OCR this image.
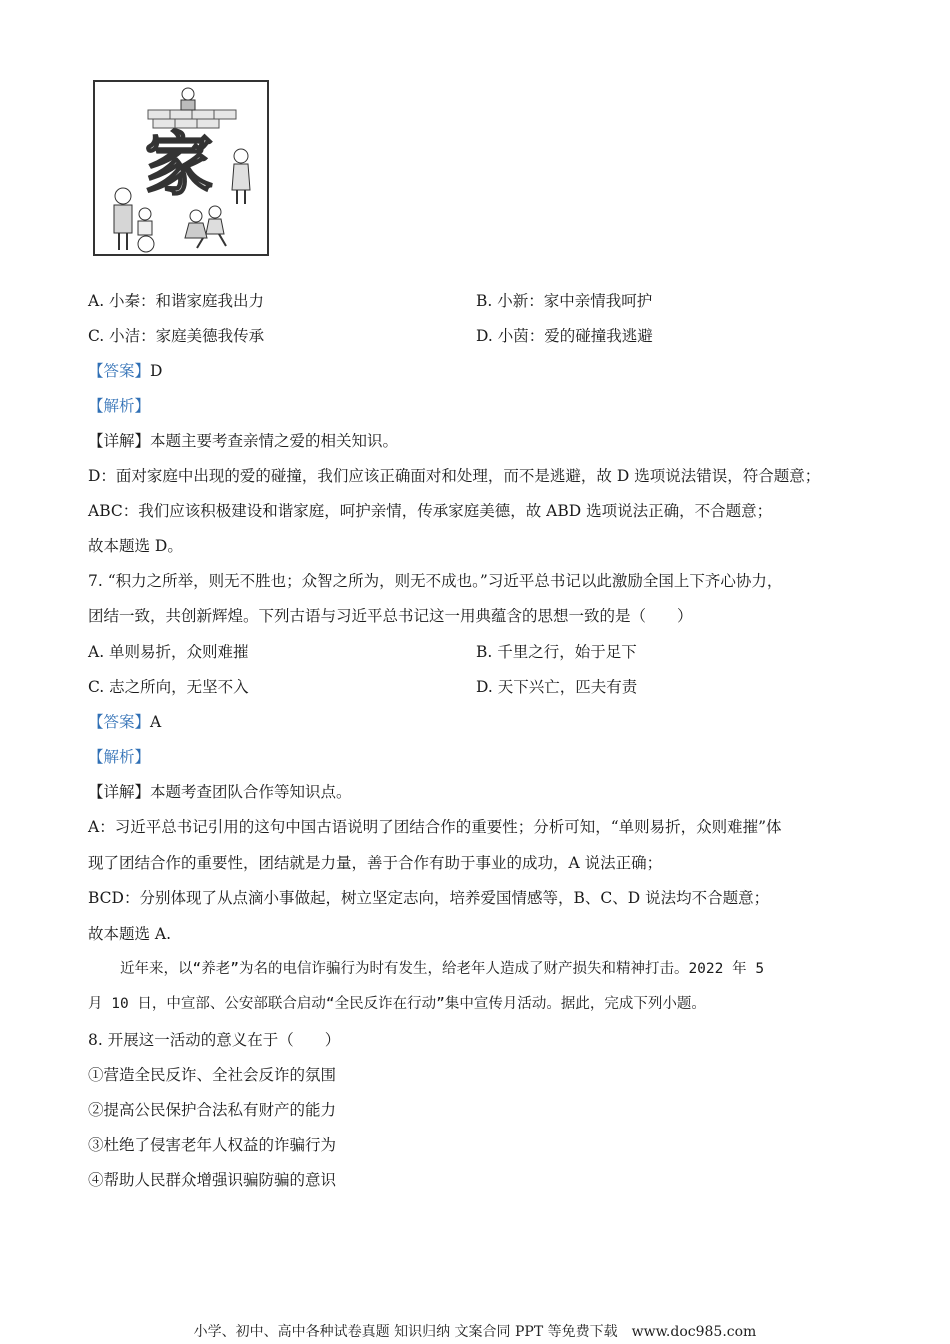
家
A. 小秦：和谐家庭我出力	B. 小新：家中亲情我呵护
C. 小洁：家庭美德我传承	D. 小茵：爱的碰撞我逃避
【答案】D
【解析】
【详解】本题主要考查亲情之爱的相关知识。
D：面对家庭中出现的爱的碰撞，我们应该正确面对和处理，而不是逃避，故 D 选项说法错误，符合题意；
ABC：我们应该积极建设和谐家庭，呵护亲情，传承家庭美德，故 ABD 选项说法正确，不合题意；
故本题选 D。
7. “积力之所举，则无不胜也；众智之所为，则无不成也。”习近平总书记以此激励全国上下齐心协力，
团结一致，共创新辉煌。下列古语与习近平总书记这一用典蕴含的思想一致的是（　　）
A. 单则易折，众则难摧	B. 千里之行，始于足下
C. 志之所向，无坚不入	D. 天下兴亡，匹夫有责
【答案】A
【解析】
【详解】本题考查团队合作等知识点。
A：习近平总书记引用的这句中国古语说明了团结合作的重要性；分析可知，“单则易折，众则难摧”体
现了团结合作的重要性，团结就是力量，善于合作有助于事业的成功，A 说法正确；
BCD：分别体现了从点滴小事做起，树立坚定志向，培养爱国情感等，B、C、D 说法均不合题意；
故本题选 A.
近年来，以“养老”为名的电信诈骗行为时有发生，给老年人造成了财产损失和精神打击。2022 年 5
月 10 日，中宣部、公安部联合启动“全民反诈在行动”集中宣传月活动。据此，完成下列小题。
8. 开展这一活动的意义在于（　　）
①营造全民反诈、全社会反诈的氛围
②提高公民保护合法私有财产的能力
③杜绝了侵害老年人权益的诈骗行为
④帮助人民群众增强识骗防骗的意识
小学、初中、高中各种试卷真题 知识归纳 文案合同 PPT 等免费下载 www.doc985.com
